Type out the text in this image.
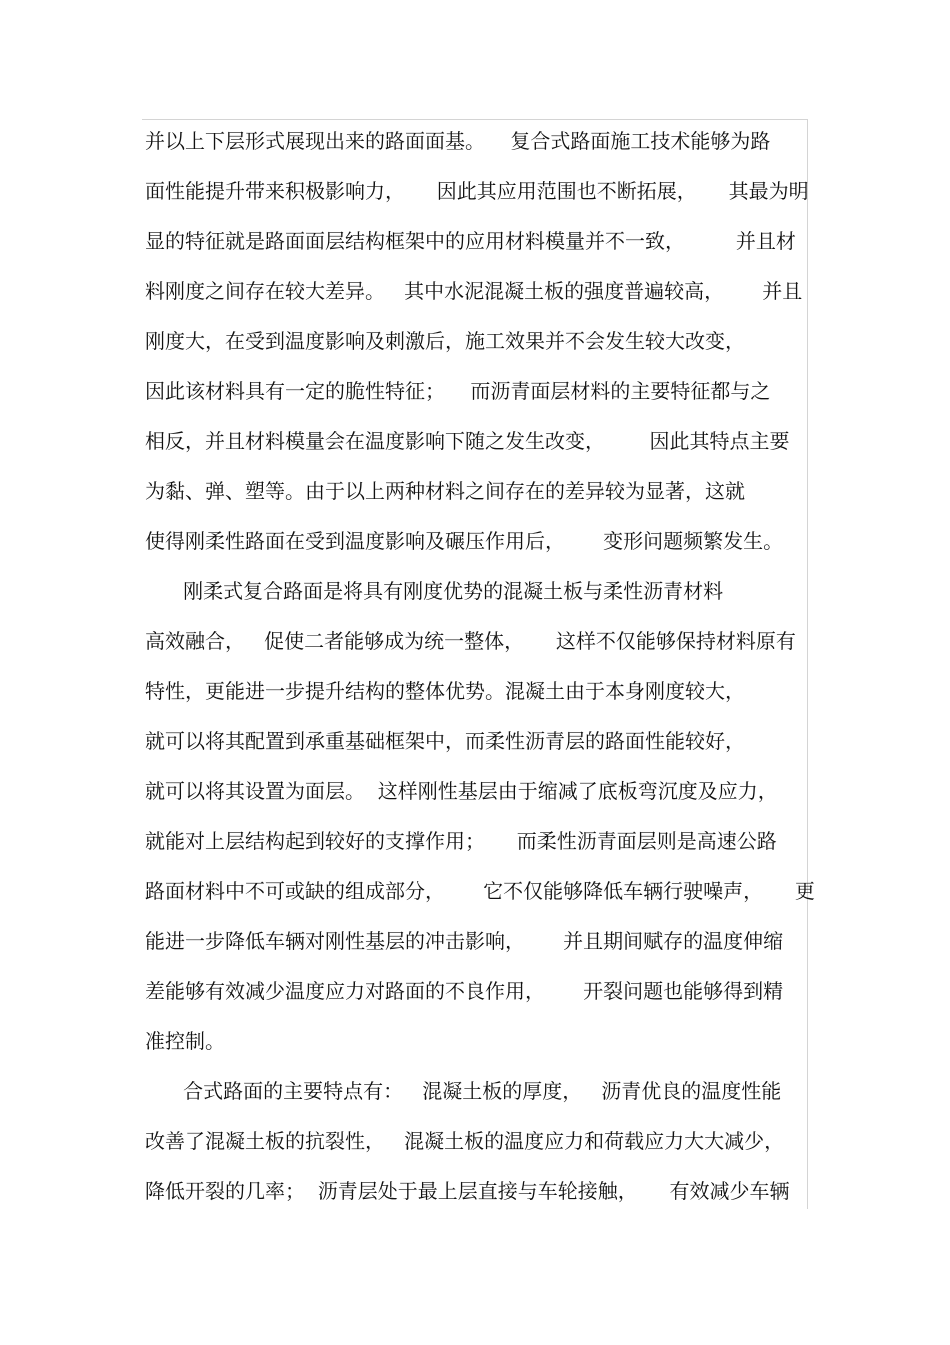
并以上下层形式展现出来的路面面基。    复合式路面施工技术能够为路
面性能提升带来积极影响力，     因此其应用范围也不断拓展，     其最为明
显的特征就是路面面层结构框架中的应用材料模量并不一致，        并且材
料刚度之间存在较大差异。   其中水泥混凝土板的强度普遍较高，      并且
刚度大，在受到温度影响及刺激后，施工效果并不会发生较大改变，
因此该材料具有一定的脆性特征；    而沥青面层材料的主要特征都与之
相反，并且材料模量会在温度影响下随之发生改变，       因此其特点主要
为黏、弹、塑等。由于以上两种材料之间存在的差异较为显著，这就
使得刚柔性路面在受到温度影响及碾压作用后，      变形问题频繁发生。
刚柔式复合路面是将具有刚度优势的混凝土板与柔性沥青材料
高效融合，   促使二者能够成为统一整体，     这样不仅能够保持材料原有
特性，更能进一步提升结构的整体优势。混凝土由于本身刚度较大，
就可以将其配置到承重基础框架中，而柔性沥青层的路面性能较好，
就可以将其设置为面层。  这样刚性基层由于缩减了底板弯沉度及应力，
就能对上层结构起到较好的支撑作用；     而柔性沥青面层则是高速公路
路面材料中不可或缺的组成部分，      它不仅能够降低车辆行驶噪声，     更
能进一步降低车辆对刚性基层的冲击影响，      并且期间赋存的温度伸缩
差能够有效减少温度应力对路面的不良作用，      开裂问题也能够得到精
准控制。
合式路面的主要特点有：   混凝土板的厚度，   沥青优良的温度性能
改善了混凝土板的抗裂性，   混凝土板的温度应力和荷载应力大大减少，
降低开裂的几率；  沥青层处于最上层直接与车轮接触，     有效减少车辆
